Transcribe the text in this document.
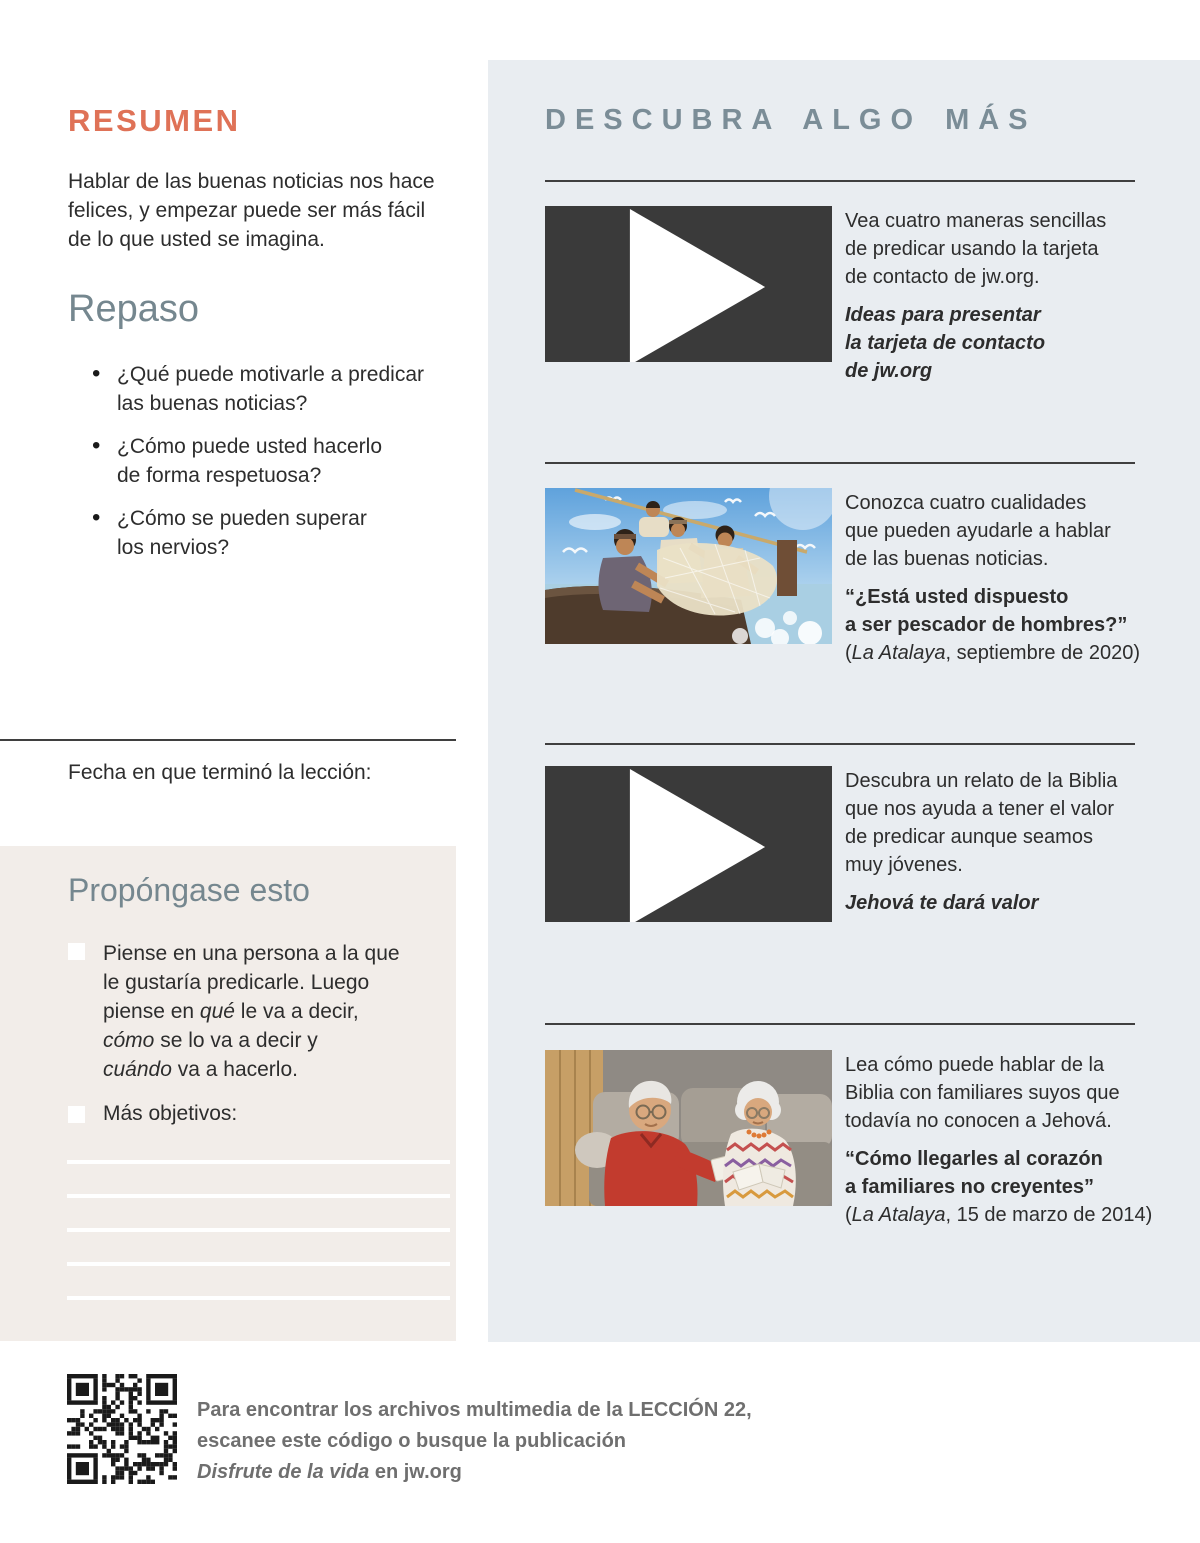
RESUMEN
Hablar de las buenas noticias nos hace
felices, y empezar puede ser más fácil
de lo que usted se imagina.
Repaso
• ¿Qué puede motivarle a predicar
las buenas noticias?
• ¿Cómo puede usted hacerlo
de forma respetuosa?
• ¿Cómo se pueden superar
los nervios?
Fecha en que terminó la lección:
Propóngase esto
Piense en una persona a la que
le gustaría predicarle. Luego
piense en qué le va a decir,
cómo se lo va a decir y
cuándo va a hacerlo.
Más objetivos:
DESCUBRA ALGO MÁS
Vea cuatro maneras sencillas
de predicar usando la tarjeta
de contacto de jw.org.
Ideas para presentar
la tarjeta de contacto
de jw.org
Conozca cuatro cualidades
que pueden ayudarle a hablar
de las buenas noticias.
“¿Está usted dispuesto
a ser pescador de hombres?”
(La Atalaya, septiembre de 2020)
Descubra un relato de la Biblia
que nos ayuda a tener el valor
de predicar aunque seamos
muy jóvenes.
Jehová te dará valor
Lea cómo puede hablar de la
Biblia con familiares suyos que
todavía no conocen a Jehová.
“Cómo llegarles al corazón
a familiares no creyentes”
(La Atalaya, 15 de marzo de 2014)
Para encontrar los archivos multimedia de la LECCIÓN 22,
escanee este código o busque la publicación
Disfrute de la vida en jw.org
